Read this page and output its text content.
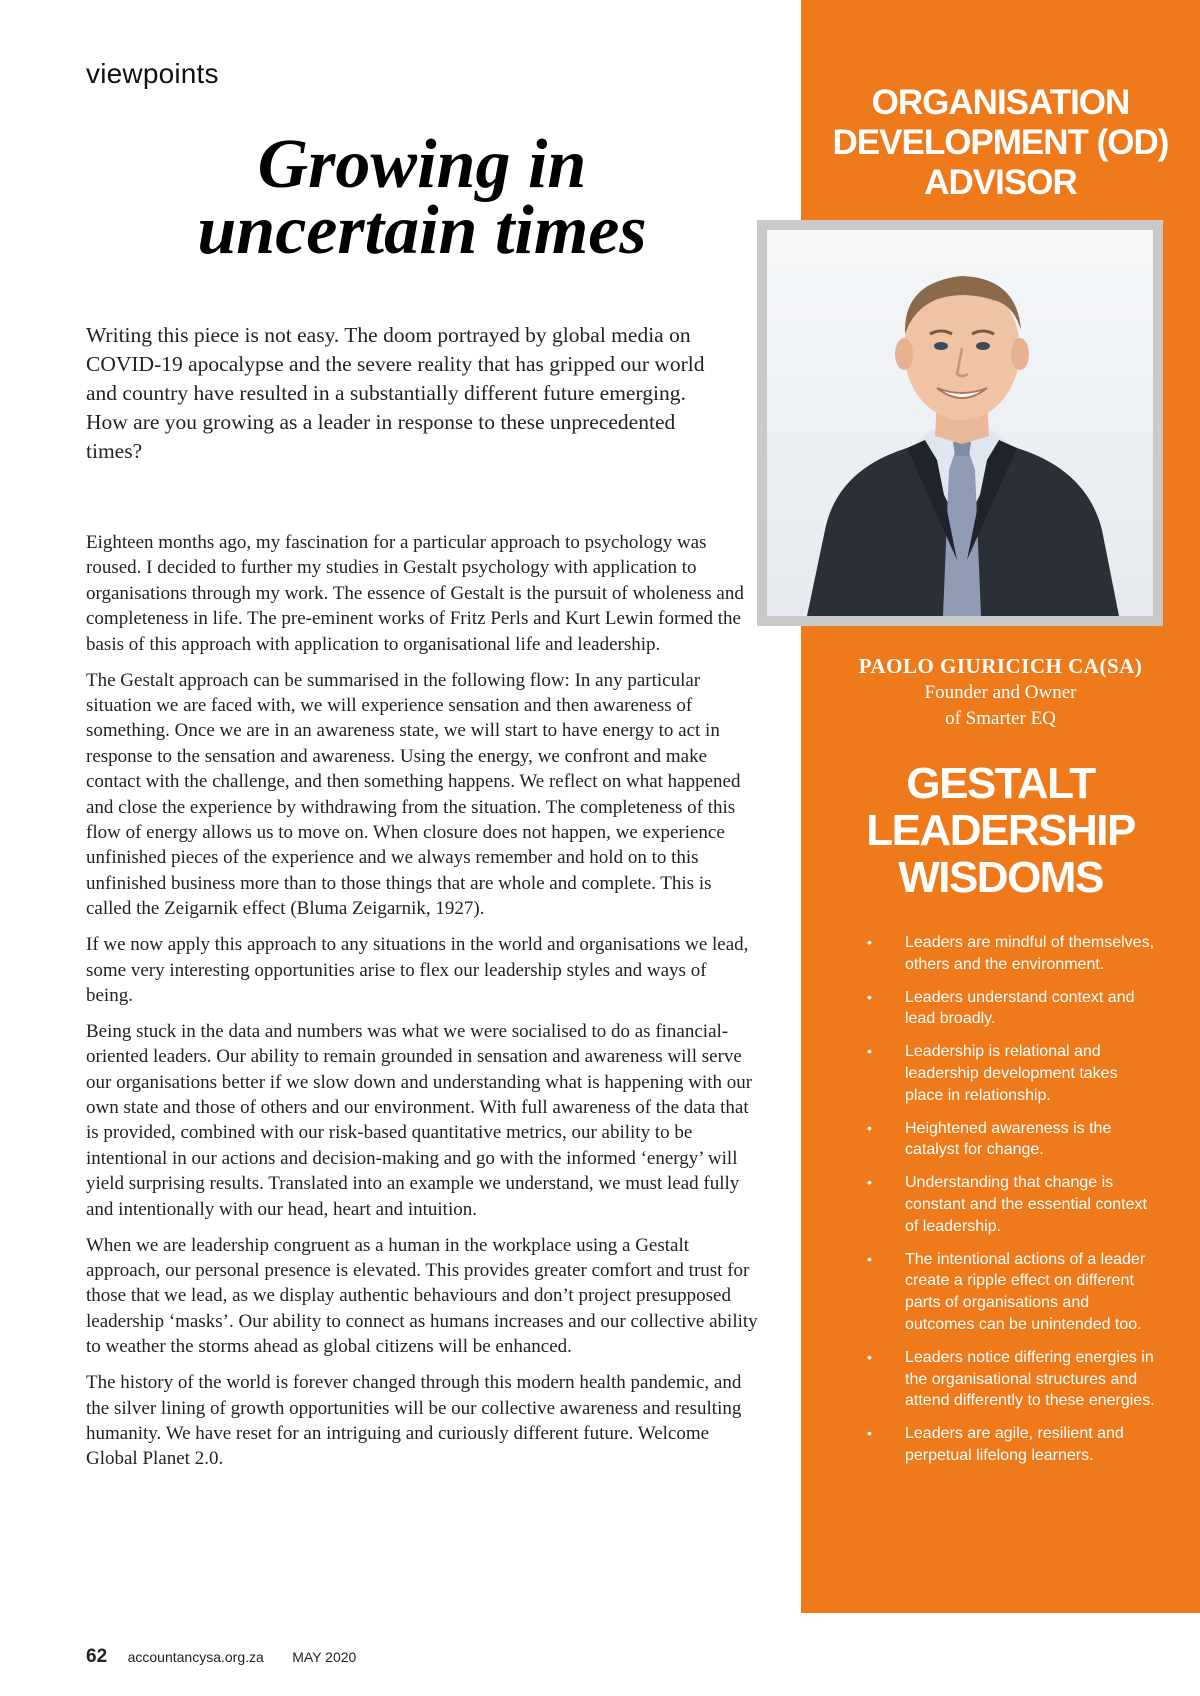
viewpoints
Growing in
uncertain times

Writing this piece is not easy. The doom portrayed by global media on COVID-19 apocalypse and the severe reality that has gripped our world and country have resulted in a substantially different future emerging. How are you growing as a leader in response to these unprecedented times?

Eighteen months ago, my fascination for a particular approach to psychology was roused. I decided to further my studies in Gestalt psychology with application to organisations through my work. The essence of Gestalt is the pursuit of wholeness and completeness in life. The pre-eminent works of Fritz Perls and Kurt Lewin formed the basis of this approach with application to organisational life and leadership.

The Gestalt approach can be summarised in the following flow: In any particular situation we are faced with, we will experience sensation and then awareness of something. Once we are in an awareness state, we will start to have energy to act in response to the sensation and awareness. Using the energy, we confront and make contact with the challenge, and then something happens. We reflect on what happened and close the experience by withdrawing from the situation. The completeness of this flow of energy allows us to move on. When closure does not happen, we experience unfinished pieces of the experience and we always remember and hold on to this unfinished business more than to those things that are whole and complete. This is called the Zeigarnik effect (Bluma Zeigarnik, 1927).

If we now apply this approach to any situations in the world and organisations we lead, some very interesting opportunities arise to flex our leadership styles and ways of being.

Being stuck in the data and numbers was what we were socialised to do as financial-oriented leaders. Our ability to remain grounded in sensation and awareness will serve our organisations better if we slow down and understanding what is happening with our own state and those of others and our environment. With full awareness of the data that is provided, combined with our risk-based quantitative metrics, our ability to be intentional in our actions and decision-making and go with the informed ‘energy’ will yield surprising results. Translated into an example we understand, we must lead fully and intentionally with our head, heart and intuition.

When we are leadership congruent as a human in the workplace using a Gestalt approach, our personal presence is elevated. This provides greater comfort and trust for those that we lead, as we display authentic behaviours and don’t project presupposed leadership ‘masks’. Our ability to connect as humans increases and our collective ability to weather the storms ahead as global citizens will be enhanced.

The history of the world is forever changed through this modern health pandemic, and the silver lining of growth opportunities will be our collective awareness and resulting humanity. We have reset for an intriguing and curiously different future. Welcome Global Planet 2.0.

ORGANISATION
DEVELOPMENT (OD)
ADVISOR
PAOLO GIURICICH CA(SA)
Founder and Owner
of Smarter EQ
GESTALT
LEADERSHIP
WISDOMS
• Leaders are mindful of themselves, others and the environment.
• Leaders understand context and lead broadly.
• Leadership is relational and leadership development takes place in relationship.
• Heightened awareness is the catalyst for change.
• Understanding that change is constant and the essential context of leadership.
• The intentional actions of a leader create a ripple effect on different parts of organisations and outcomes can be unintended too.
• Leaders notice differing energies in the organisational structures and attend differently to these energies.
• Leaders are agile, resilient and perpetual lifelong learners.
62 accountancysa.org.za MAY 2020
